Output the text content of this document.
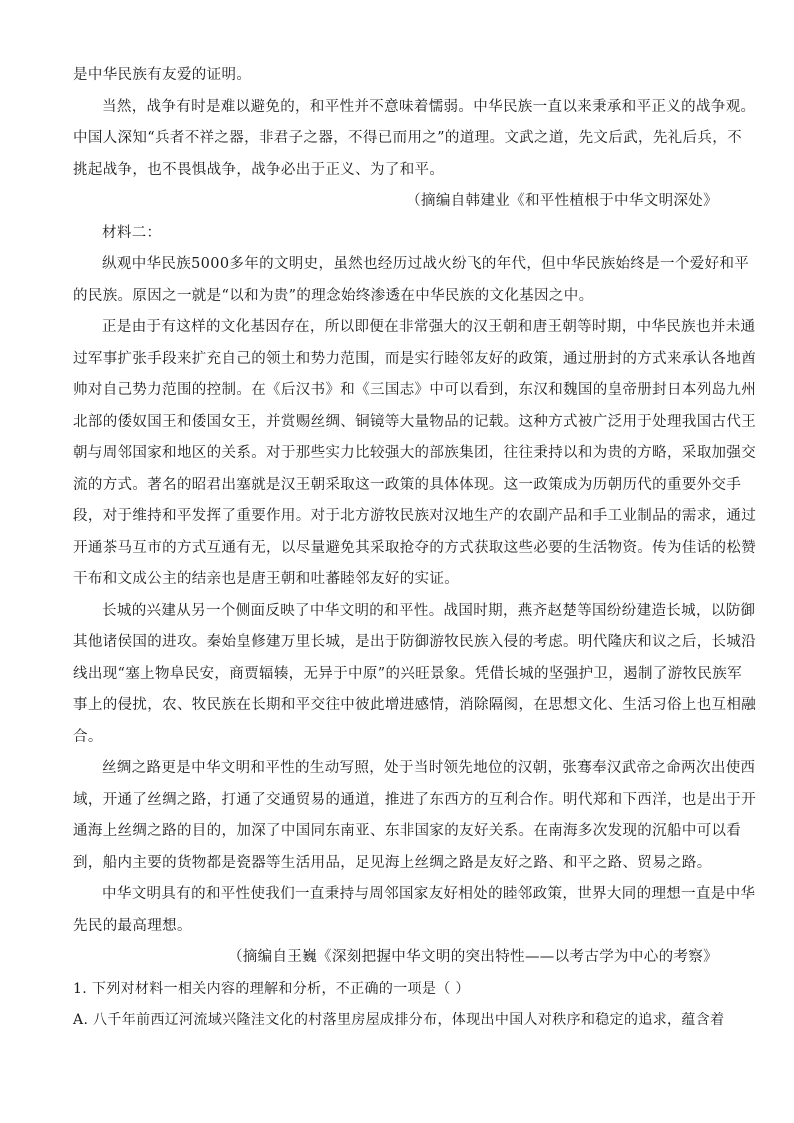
是中华民族有友爱的证明。
当然，战争有时是难以避免的，和平性并不意味着懦弱。中华民族一直以来秉承和平正义的战争观。
中国人深知“兵者不祥之器，非君子之器，不得已而用之”的道理。文武之道，先文后武，先礼后兵，不
挑起战争，也不畏惧战争，战争必出于正义、为了和平。
（摘编自韩建业《和平性植根于中华文明深处》
材料二：
纵观中华民族5000多年的文明史，虽然也经历过战火纷飞的年代，但中华民族始终是一个爱好和平
的民族。原因之一就是“以和为贵”的理念始终渗透在中华民族的文化基因之中。
正是由于有这样的文化基因存在，所以即便在非常强大的汉王朝和唐王朝等时期，中华民族也并未通
过军事扩张手段来扩充自己的领土和势力范围，而是实行睦邻友好的政策，通过册封的方式来承认各地酋
帅对自己势力范围的控制。在《后汉书》和《三国志》中可以看到，东汉和魏国的皇帝册封日本列岛九州
北部的倭奴国王和倭国女王，并赏赐丝绸、铜镜等大量物品的记载。这种方式被广泛用于处理我国古代王
朝与周邻国家和地区的关系。对于那些实力比较强大的部族集团，往往秉持以和为贵的方略，采取加强交
流的方式。著名的昭君出塞就是汉王朝采取这一政策的具体体现。这一政策成为历朝历代的重要外交手
段，对于维持和平发挥了重要作用。对于北方游牧民族对汉地生产的农副产品和手工业制品的需求，通过
开通茶马互市的方式互通有无，以尽量避免其采取抢夺的方式获取这些必要的生活物资。传为佳话的松赞
干布和文成公主的结亲也是唐王朝和吐蕃睦邻友好的实证。
长城的兴建从另一个侧面反映了中华文明的和平性。战国时期，燕齐赵楚等国纷纷建造长城，以防御
其他诸侯国的进攻。秦始皇修建万里长城，是出于防御游牧民族入侵的考虑。明代隆庆和议之后，长城沿
线出现“塞上物阜民安，商贾辐辏，无异于中原”的兴旺景象。凭借长城的坚强护卫，遏制了游牧民族军
事上的侵扰，农、牧民族在长期和平交往中彼此增进感情，消除隔阂，在思想文化、生活习俗上也互相融
合。
丝绸之路更是中华文明和平性的生动写照，处于当时领先地位的汉朝，张骞奉汉武帝之命两次出使西
域，开通了丝绸之路，打通了交通贸易的通道，推进了东西方的互利合作。明代郑和下西洋，也是出于开
通海上丝绸之路的目的，加深了中国同东南亚、东非国家的友好关系。在南海多次发现的沉船中可以看
到，船内主要的货物都是瓷器等生活用品，足见海上丝绸之路是友好之路、和平之路、贸易之路。
中华文明具有的和平性使我们一直秉持与周邻国家友好相处的睦邻政策，世界大同的理想一直是中华
先民的最高理想。
（摘编自王巍《深刻把握中华文明的突出特性——以考古学为中心的考察》
1. 下列对材料一相关内容的理解和分析，不正确的一项是（ ）
A. 八千年前西辽河流域兴隆洼文化的村落里房屋成排分布，体现出中国人对秩序和稳定的追求，蕴含着
